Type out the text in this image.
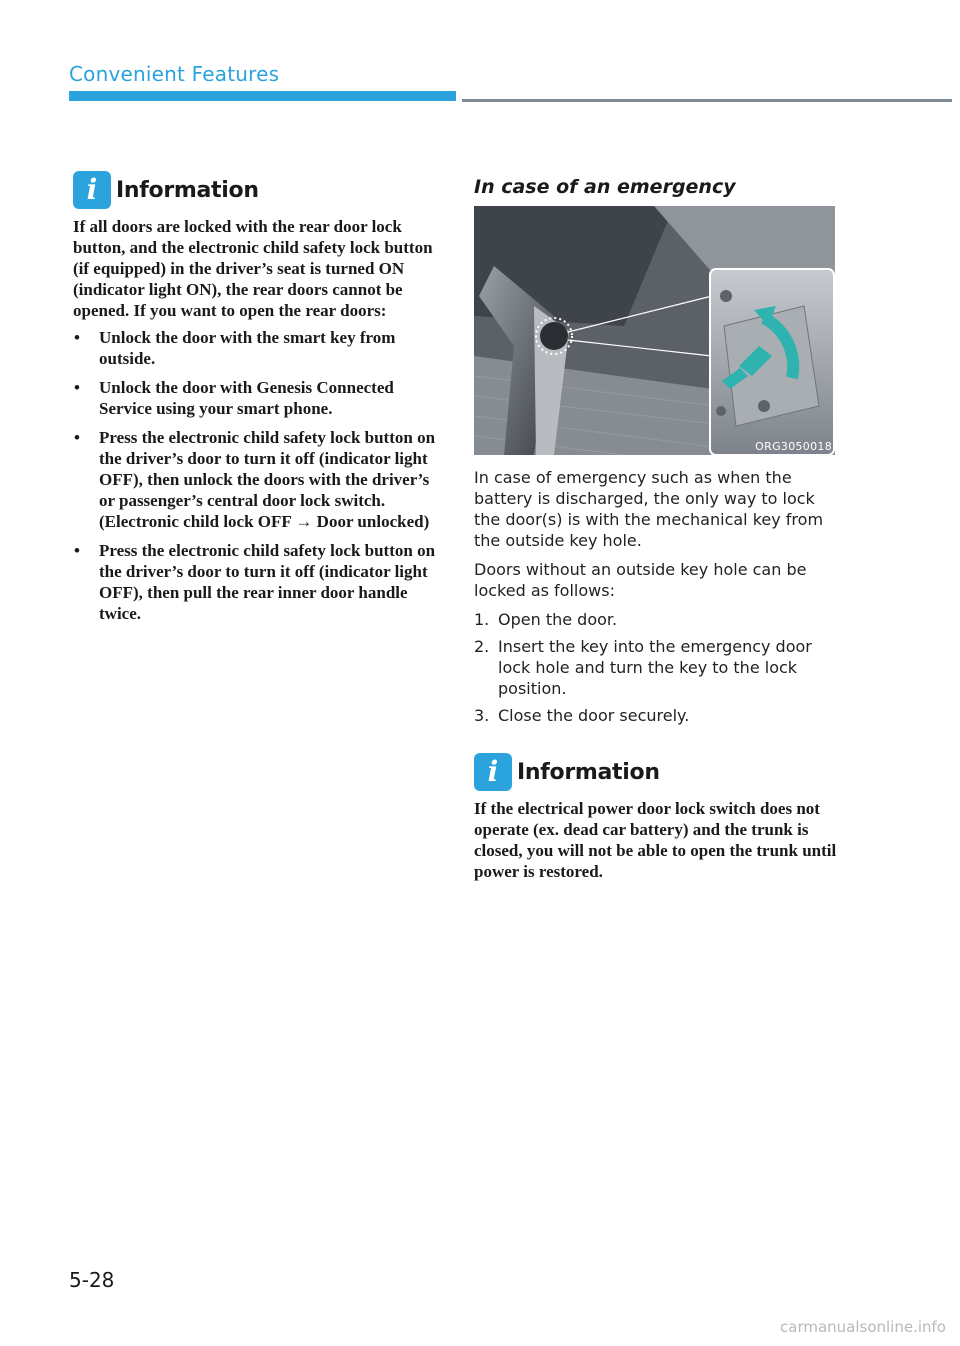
Convenient Features
i Information

If all doors are locked with the rear door lock button, and the electronic child safety lock button (if equipped) in the driver’s seat is turned ON (indicator light ON), the rear doors cannot be opened. If you want to open the rear doors:

• Unlock the door with the smart key from outside.
• Unlock the door with Genesis Connected Service using your smart phone.
• Press the electronic child safety lock button on the driver’s door to turn it off (indicator light OFF), then unlock the doors with the driver’s or passenger’s central door lock switch. (Electronic child lock OFF → Door unlocked)
• Press the electronic child safety lock button on the driver’s door to turn it off (indicator light OFF), then pull the rear inner door handle twice.
In case of an emergency
ORG3050018

In case of emergency such as when the battery is discharged, the only way to lock the door(s) is with the mechanical key from the outside key hole.

Doors without an outside key hole can be locked as follows:

1. Open the door.
2. Insert the key into the emergency door lock hole and turn the key to the lock position.
3. Close the door securely.
i Information

If the electrical power door lock switch does not operate (ex. dead car battery) and the trunk is closed, you will not be able to open the trunk until power is restored.

5-28
carmanualsonline.info
